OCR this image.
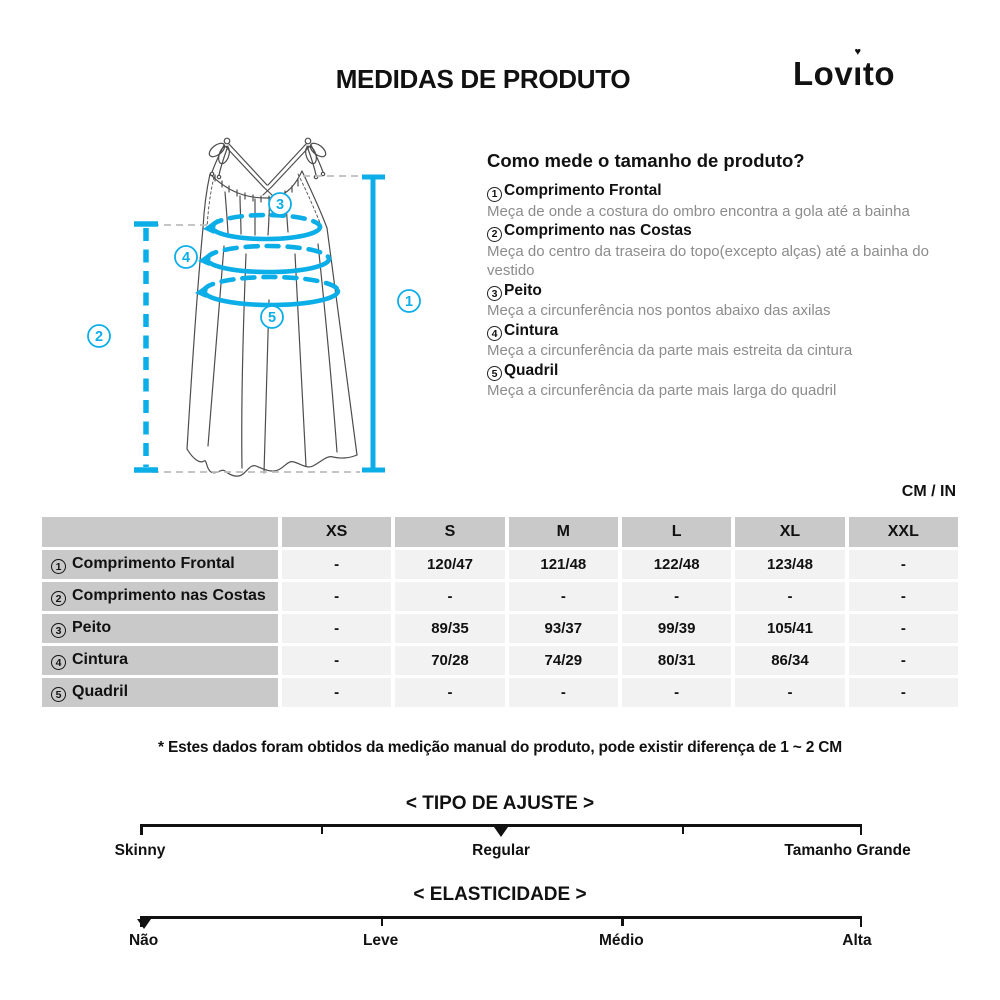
MEDIDAS DE PRODUTO	Lovı
♥
to
1
2
3
4
5
Como mede o tamanho de produto?
1 Comprimento Frontal
Meça de onde a costura do ombro encontra a gola até a bainha
2 Comprimento nas Costas
Meça do centro da traseira do topo(excepto alças) até a bainha do vestido
3 Peito
Meça a circunferência nos pontos abaixo das axilas
4 Cintura
Meça a circunferência da parte mais estreita da cintura
5 Quadril
Meça a circunferência da parte mais larga do quadril
CM / IN
	XS	S	M	L	XL	XXL
1 Comprimento Frontal	-	120/47	121/48	122/48	123/48	-
2 Comprimento nas Costas	-	-	-	-	-	-
3 Peito	-	89/35	93/37	99/39	105/41	-
4 Cintura	-	70/28	74/29	80/31	86/34	-
5 Quadril	-	-	-	-	-	-
* Estes dados foram obtidos da medição manual do produto, pode existir diferença de 1 ~ 2 CM
< TIPO DE AJUSTE >
Skinny	Regular	Tamanho Grande
< ELASTICIDADE >
Não	Leve	Médio	Alta
